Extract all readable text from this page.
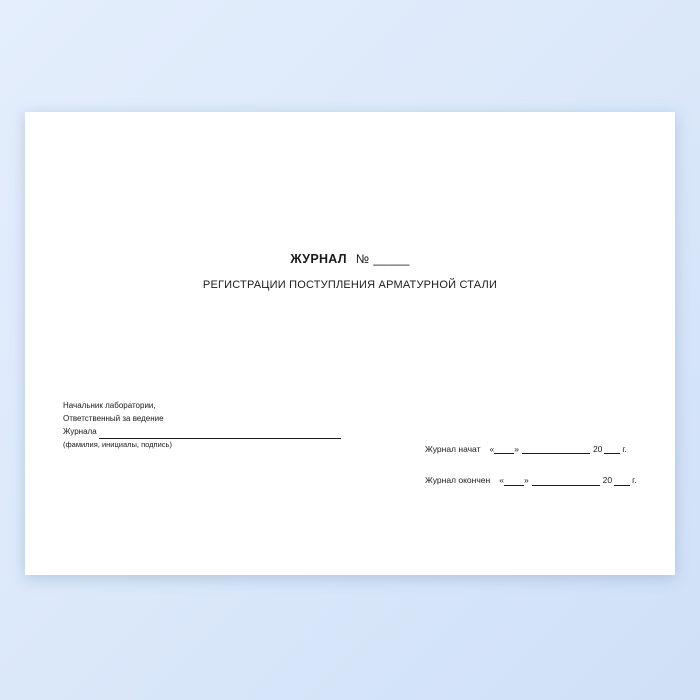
ЖУРНАЛ № _____
РЕГИСТРАЦИИ ПОСТУПЛЕНИЯ АРМАТУРНОЙ СТАЛИ
Начальник лаборатории,
Ответственный за ведение
Журнала
(фамилия, инициалы, подпись)	Журнал начат « »	20 г.
Журнал окончен « »	20 г.
